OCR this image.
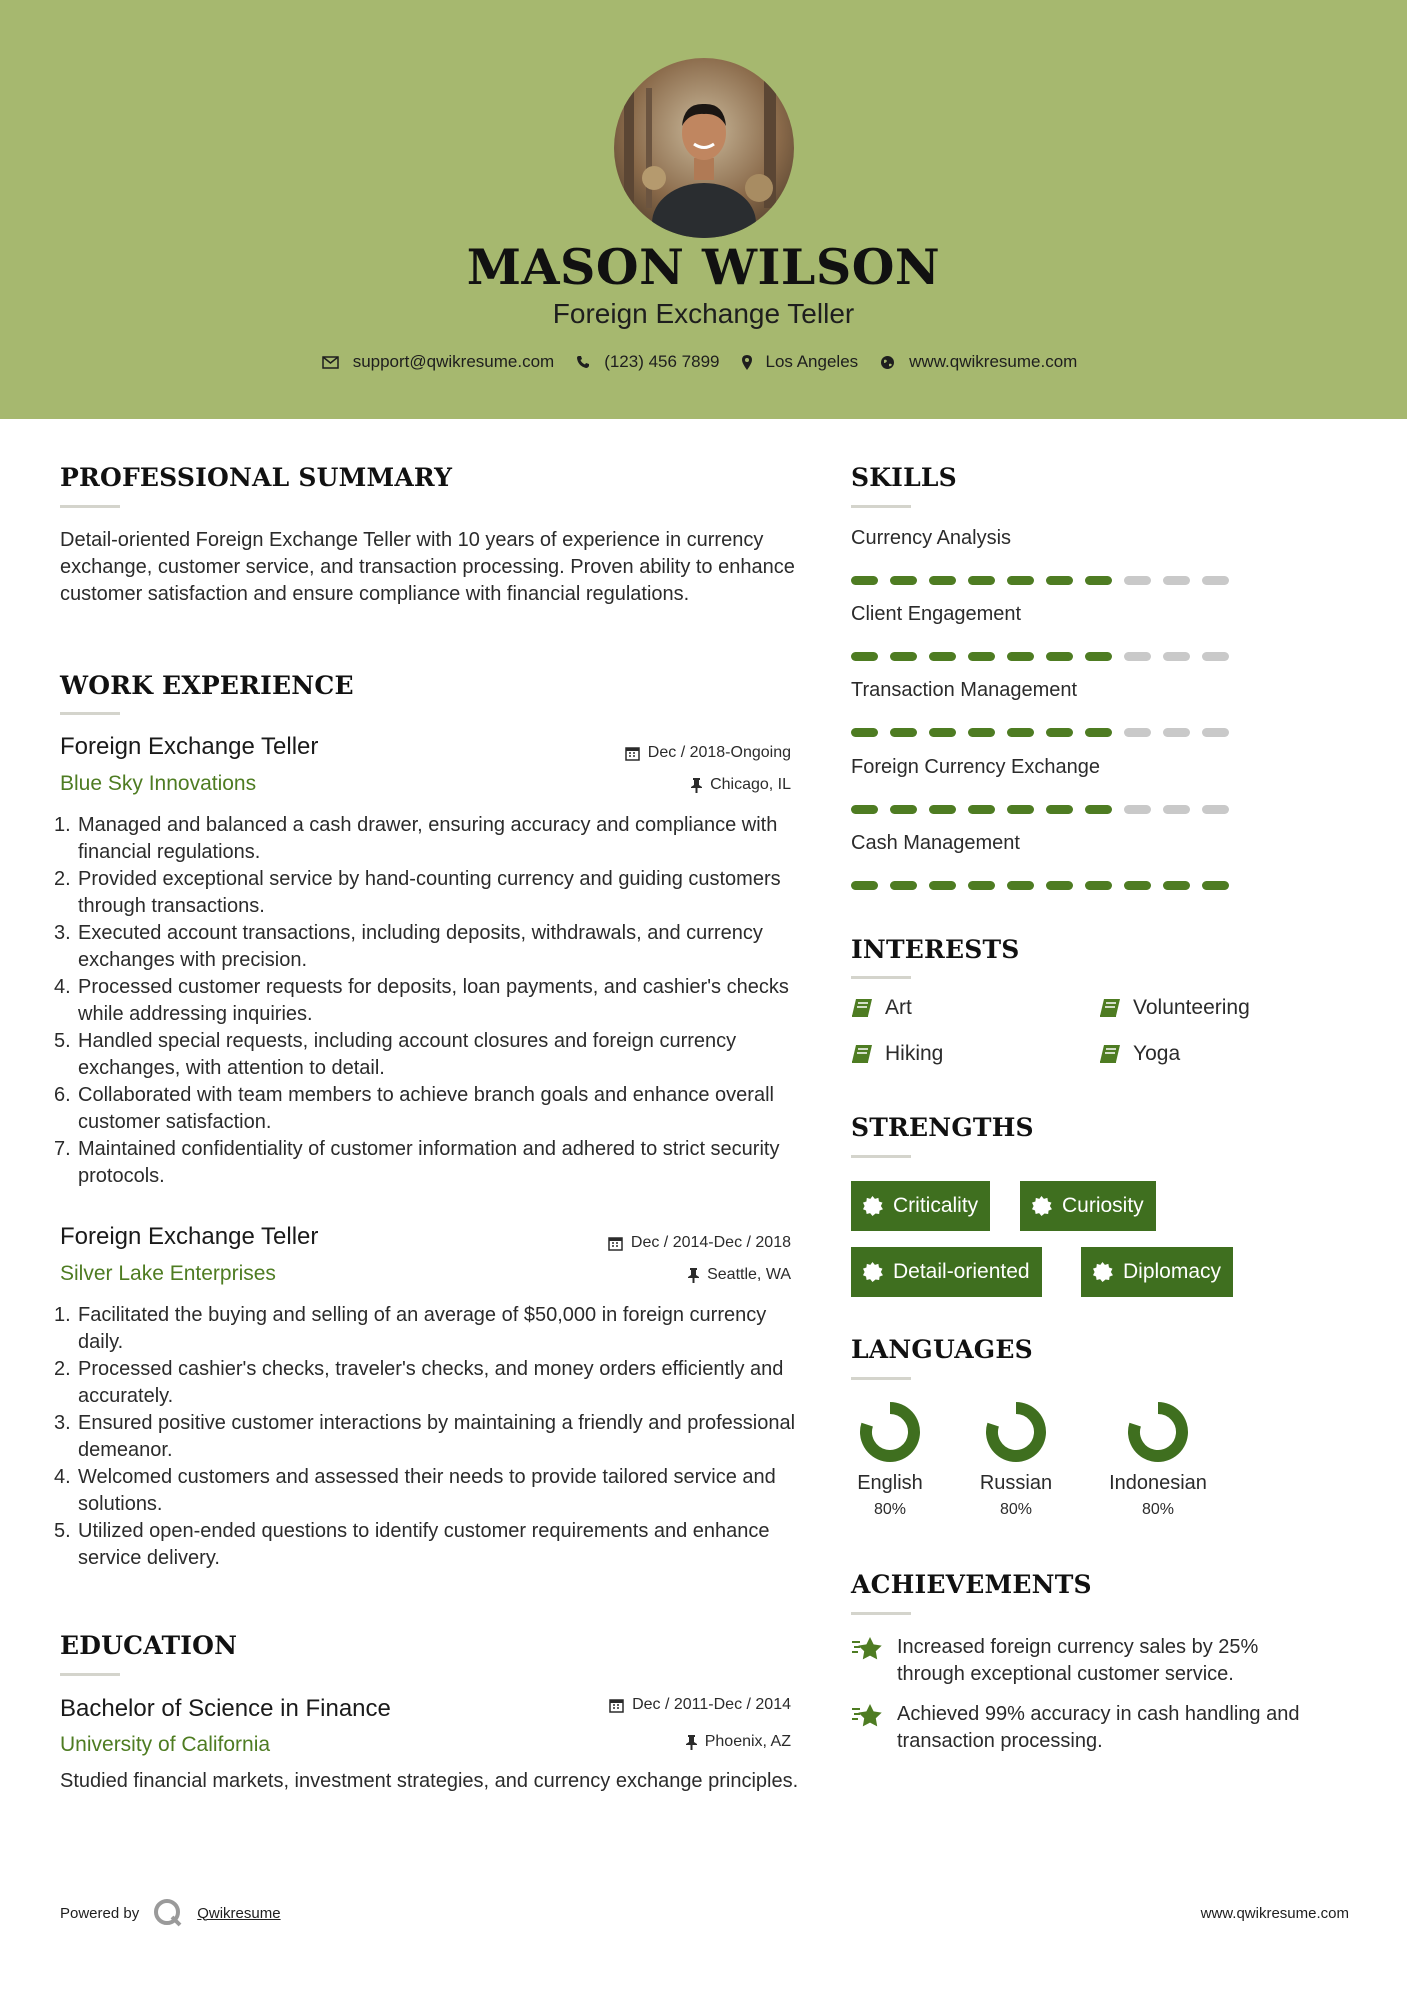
MASON WILSON
Foreign Exchange Teller
support@qwikresume.com	(123) 456 7899	Los Angeles	www.qwikresume.com
PROFESSIONAL SUMMARY
Detail-oriented Foreign Exchange Teller with 10 years of experience in currency exchange, customer service, and transaction processing. Proven ability to enhance customer satisfaction and ensure compliance with financial regulations.
WORK EXPERIENCE
Foreign Exchange Teller	Dec / 2018-Ongoing
Blue Sky Innovations	Chicago, IL
Managed and balanced a cash drawer, ensuring accuracy and compliance with financial regulations.
Provided exceptional service by hand-counting currency and guiding customers through transactions.
Executed account transactions, including deposits, withdrawals, and currency exchanges with precision.
Processed customer requests for deposits, loan payments, and cashier's checks while addressing inquiries.
Handled special requests, including account closures and foreign currency exchanges, with attention to detail.
Collaborated with team members to achieve branch goals and enhance overall customer satisfaction.
Maintained confidentiality of customer information and adhered to strict security protocols.
Foreign Exchange Teller	Dec / 2014-Dec / 2018
Silver Lake Enterprises	Seattle, WA
Facilitated the buying and selling of an average of $50,000 in foreign currency daily.
Processed cashier's checks, traveler's checks, and money orders efficiently and accurately.
Ensured positive customer interactions by maintaining a friendly and professional demeanor.
Welcomed customers and assessed their needs to provide tailored service and solutions.
Utilized open-ended questions to identify customer requirements and enhance service delivery.
EDUCATION
Bachelor of Science in Finance	Dec / 2011-Dec / 2014
University of California	Phoenix, AZ
Studied financial markets, investment strategies, and currency exchange principles.
SKILLS
Currency Analysis
Client Engagement
Transaction Management
Foreign Currency Exchange
Cash Management
INTERESTS
Art	Volunteering
Hiking	Yoga
STRENGTHS
Criticality	Curiosity
Detail-oriented	Diplomacy
LANGUAGES
English
80%
Russian
80%
Indonesian
80%
ACHIEVEMENTS
Increased foreign currency sales by 25% through exceptional customer service.
Achieved 99% accuracy in cash handling and transaction processing.
Powered by	Qwikresume	www.qwikresume.com
